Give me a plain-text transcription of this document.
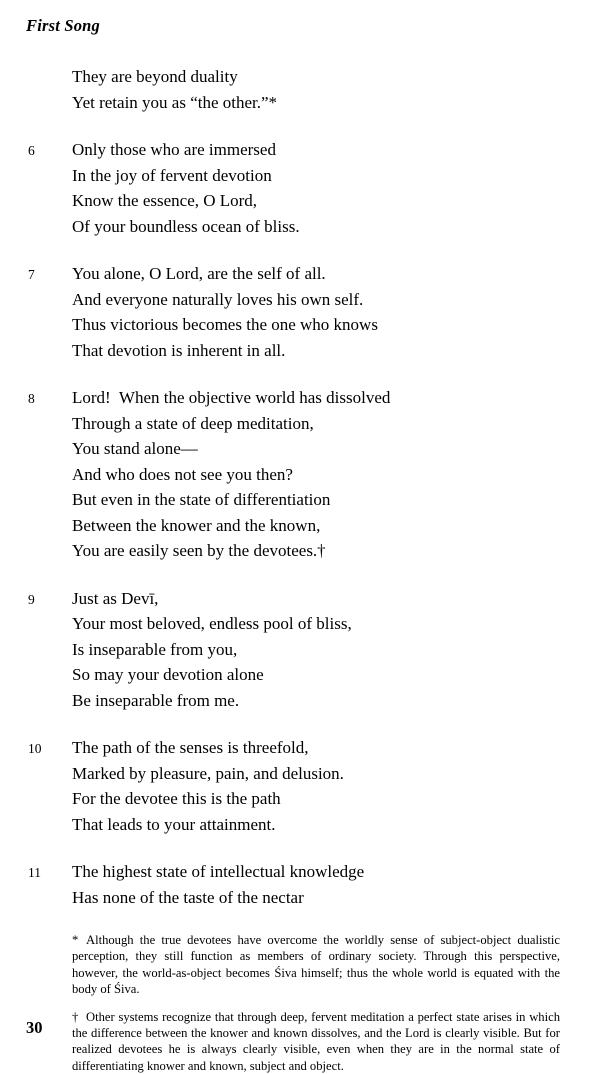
First Song
They are beyond duality
Yet retain you as “the other.”*
6	Only those who are immersed
In the joy of fervent devotion
Know the essence, O Lord,
Of your boundless ocean of bliss.
7	You alone, O Lord, are the self of all.
And everyone naturally loves his own self.
Thus victorious becomes the one who knows
That devotion is inherent in all.
8	Lord!  When the objective world has dissolved
Through a state of deep meditation,
You stand alone—
And who does not see you then?
But even in the state of differentiation
Between the knower and the known,
You are easily seen by the devotees.†
9	Just as Devī,
Your most beloved, endless pool of bliss,
Is inseparable from you,
So may your devotion alone
Be inseparable from me.
10	The path of the senses is threefold,
Marked by pleasure, pain, and delusion.
For the devotee this is the path
That leads to your attainment.
11	The highest state of intellectual knowledge
Has none of the taste of the nectar
* Although the true devotees have overcome the worldly sense of subject-object dualistic perception, they still function as members of ordinary society. Through this perspective, however, the world-as-object becomes Śiva himself; thus the whole world is equated with the body of Śiva.
† Other systems recognize that through deep, fervent meditation a perfect state arises in which the difference between the knower and known dissolves, and the Lord is clearly visible. But for realized devotees he is always clearly visible, even when they are in the normal state of differentiating knower and known, subject and object.
30
